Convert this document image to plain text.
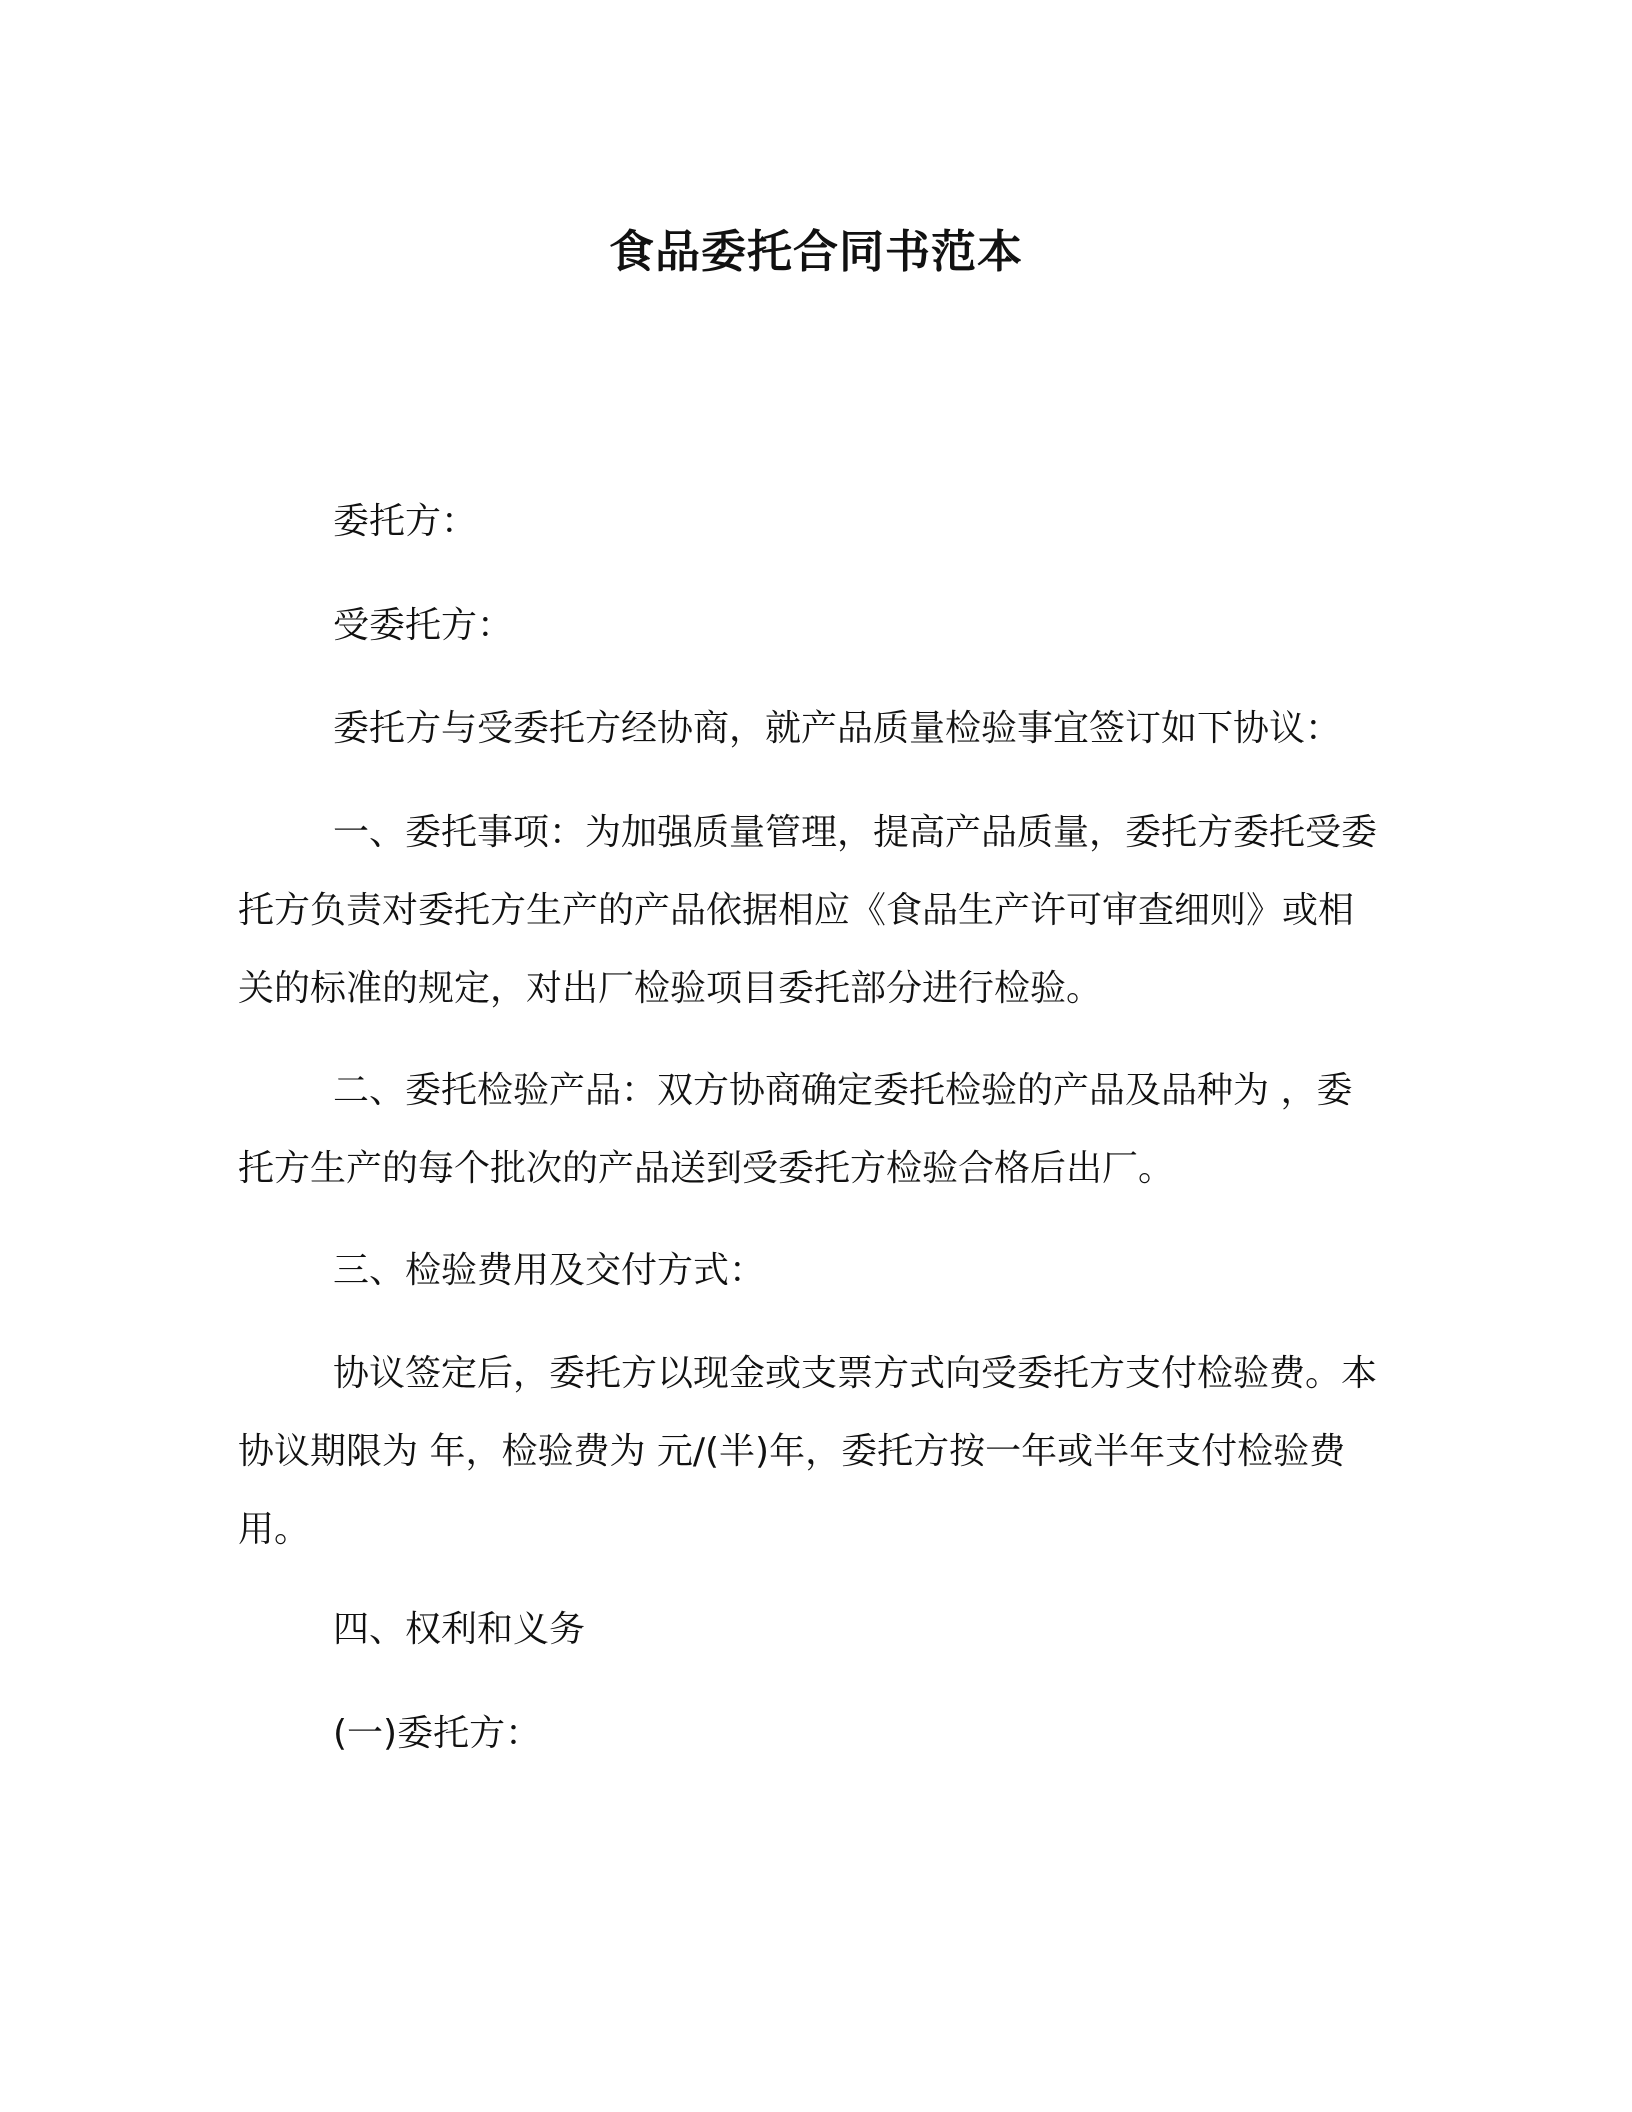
食品委托合同书范本

委托方：

受委托方：

委托方与受委托方经协商，就产品质量检验事宜签订如下协议：

一、委托事项：为加强质量管理，提高产品质量，委托方委托受委托方负责对委托方生产的产品依据相应《食品生产许可审查细则》或相关的标准的规定，对出厂检验项目委托部分进行检验。

二、委托检验产品：双方协商确定委托检验的产品及品种为 ，委托方生产的每个批次的产品送到受委托方检验合格后出厂。

三、检验费用及交付方式：

协议签定后，委托方以现金或支票方式向受委托方支付检验费。本协议期限为 年，检验费为 元/(半)年，委托方按一年或半年支付检验费用。

四、权利和义务

(一)委托方：
